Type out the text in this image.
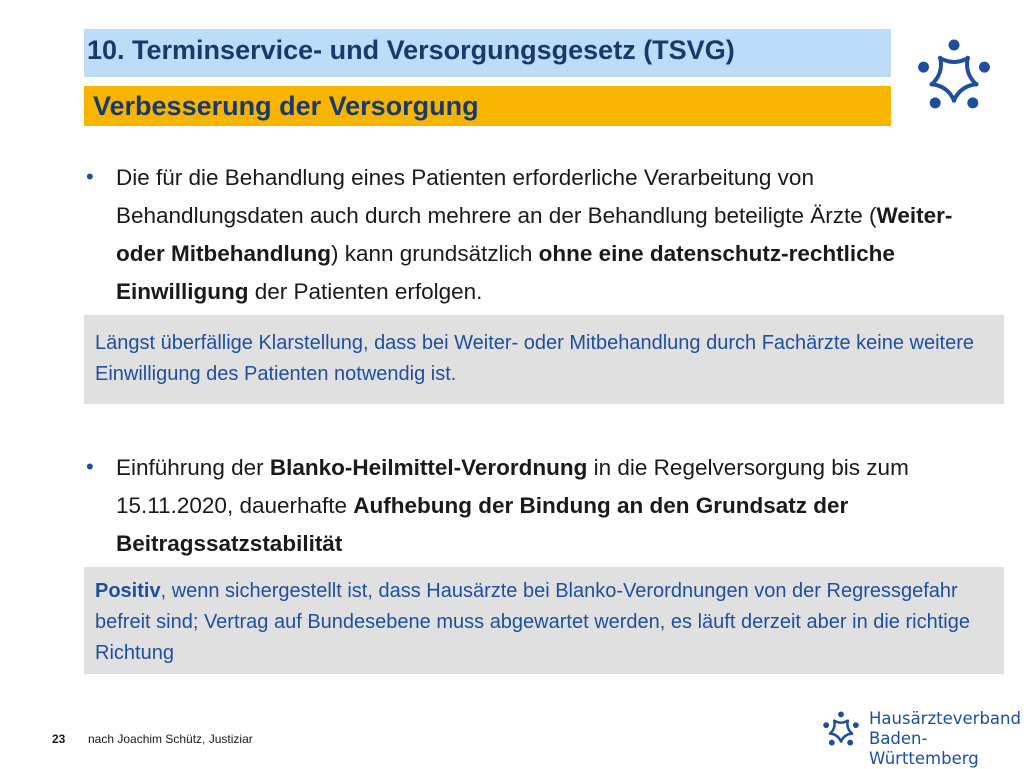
10. Terminservice- und Versorgungsgesetz (TSVG)
Verbesserung der Versorgung
• Die für die Behandlung eines Patienten erforderliche Verarbeitung von Behandlungsdaten auch durch mehrere an der Behandlung beteiligte Ärzte (Weiter- oder Mitbehandlung) kann grundsätzlich ohne eine datenschutz-rechtliche Einwilligung der Patienten erfolgen.
Längst überfällige Klarstellung, dass bei Weiter- oder Mitbehandlung durch Fachärzte keine weitere Einwilligung des Patienten notwendig ist.
• Einführung der Blanko-Heilmittel-Verordnung in die Regelversorgung bis zum 15.11.2020, dauerhafte Aufhebung der Bindung an den Grundsatz der Beitragssatzstabilität
Positiv, wenn sichergestellt ist, dass Hausärzte bei Blanko-Verordnungen von der Regressgefahr befreit sind; Vertrag auf Bundesebene muss abgewartet werden, es läuft derzeit aber in die richtige Richtung
23 nach Joachim Schütz, Justiziar
Hausärzteverband
Baden-Württemberg
